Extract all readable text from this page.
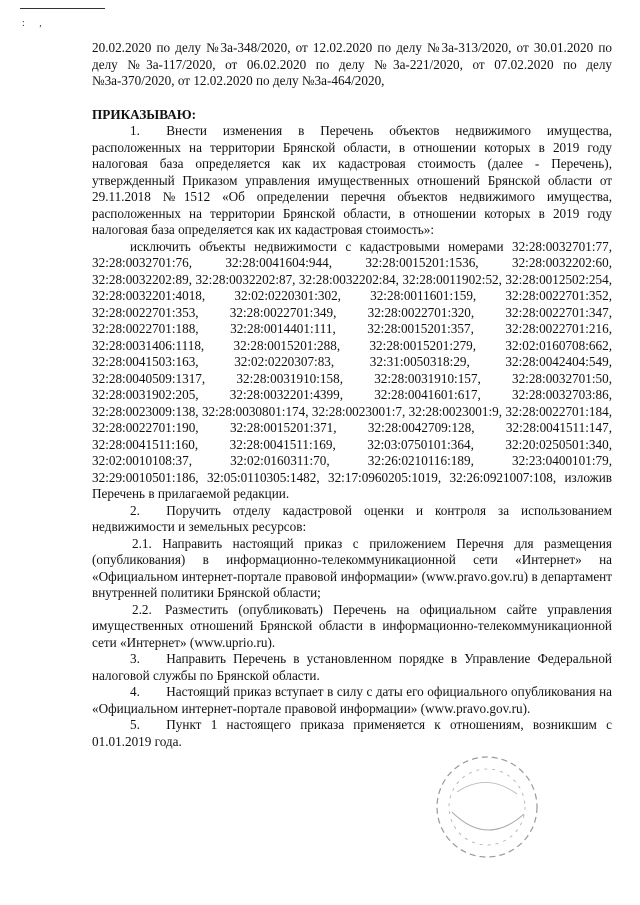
: ,

20.02.2020 по делу №3а-348/2020, от 12.02.2020 по делу №3а-313/2020, от 30.01.2020 по делу №3а-117/2020, от 06.02.2020 по делу №3а-221/2020, от 07.02.2020 по делу №3а-370/2020, от 12.02.2020 по делу №3а-464/2020,

ПРИКАЗЫВАЮ:

1.  Внести изменения в Перечень объектов недвижимого имущества, расположенных на территории Брянской области, в отношении которых в 2019 году налоговая база определяется как их кадастровая стоимость (далее - Перечень), утвержденный Приказом управления имущественных отношений Брянской области от 29.11.2018 №1512 «Об определении перечня объектов недвижимого имущества, расположенных на территории Брянской области, в отношении которых в 2019 году налоговая база определяется как их кадастровая стоимость»:

исключить объекты недвижимости с кадастровыми номерами 32:28:0032701:77, 32:28:0032701:76, 32:28:0041604:944, 32:28:0015201:1536, 32:28:0032202:60, 32:28:0032202:89, 32:28:0032202:87, 32:28:0032202:84, 32:28:0011902:52, 32:28:0012502:254, 32:28:0032201:4018, 32:02:0220301:302, 32:28:0011601:159, 32:28:0022701:352, 32:28:0022701:353, 32:28:0022701:349, 32:28:0022701:320, 32:28:0022701:347, 32:28:0022701:188, 32:28:0014401:111, 32:28:0015201:357, 32:28:0022701:216, 32:28:0031406:1118, 32:28:0015201:288, 32:28:0015201:279, 32:02:0160708:662, 32:28:0041503:163, 32:02:0220307:83, 32:31:0050318:29, 32:28:0042404:549, 32:28:0040509:1317, 32:28:0031910:158, 32:28:0031910:157, 32:28:0032701:50, 32:28:0031902:205, 32:28:0032201:4399, 32:28:0041601:617, 32:28:0032703:86, 32:28:0023009:138, 32:28:0030801:174, 32:28:0023001:7, 32:28:0023001:9, 32:28:0022701:184, 32:28:0022701:190, 32:28:0015201:371, 32:28:0042709:128, 32:28:0041511:147, 32:28:0041511:160, 32:28:0041511:169, 32:03:0750101:364, 32:20:0250501:340, 32:02:0010108:37, 32:02:0160311:70, 32:26:0210116:189, 32:23:0400101:79, 32:29:0010501:186, 32:05:0110305:1482, 32:17:0960205:1019, 32:26:0921007:108, изложив Перечень в прилагаемой редакции.

2.  Поручить отделу кадастровой оценки и контроля за использованием недвижимости и земельных ресурсов:

2.1. Направить настоящий приказ с приложением Перечня для размещения (опубликования) в информационно-телекоммуникационной сети «Интернет» на «Официальном интернет-портале правовой информации» (www.pravo.gov.ru) в департамент внутренней политики Брянской области;

2.2. Разместить (опубликовать) Перечень на официальном сайте управления имущественных отношений Брянской области в информационно-телекоммуникационной сети «Интернет» (www.uprio.ru).

3.  Направить Перечень в установленном порядке в Управление Федеральной налоговой службы по Брянской области.

4.  Настоящий приказ вступает в силу с даты его официального опубликования на «Официальном интернет-портале правовой информации» (www.pravo.gov.ru).

5.  Пункт 1 настоящего приказа применяется к отношениям, возникшим с 01.01.2019 года.
